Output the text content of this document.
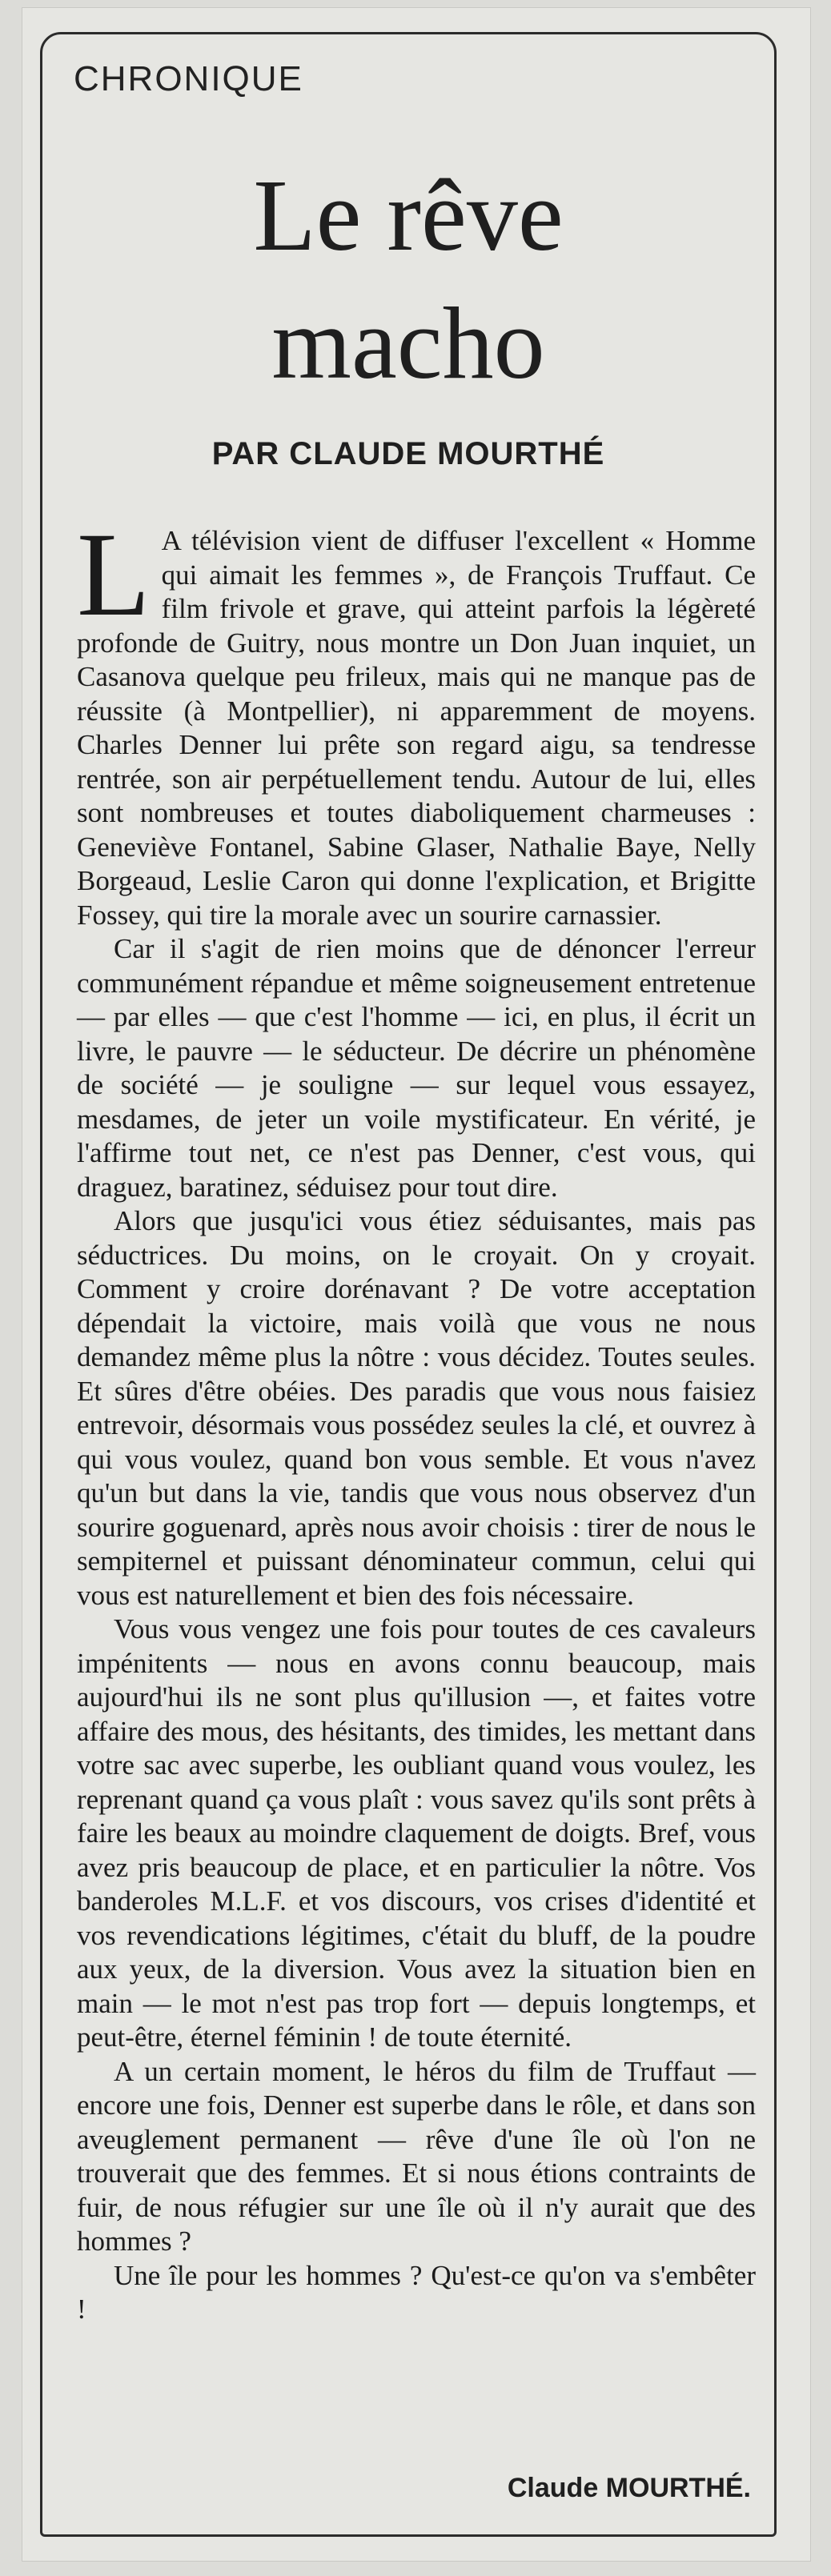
CHRONIQUE
Le rêve
macho
PAR CLAUDE MOURTHÉ

L A télévision vient de diffuser l'excellent « Homme qui aimait les femmes », de François Truffaut. Ce film frivole et grave, qui atteint parfois la légèreté profonde de Guitry, nous montre un Don Juan inquiet, un Casanova quelque peu frileux, mais qui ne manque pas de réussite (à Montpellier), ni apparemment de moyens. Charles Denner lui prête son regard aigu, sa tendresse rentrée, son air perpétuellement tendu. Autour de lui, elles sont nombreuses et toutes diaboliquement charmeuses : Geneviève Fontanel, Sabine Glaser, Nathalie Baye, Nelly Borgeaud, Leslie Caron qui donne l'explication, et Brigitte Fossey, qui tire la morale avec un sourire carnassier.

Car il s'agit de rien moins que de dénoncer l'erreur communément répandue et même soigneusement entretenue — par elles — que c'est l'homme — ici, en plus, il écrit un livre, le pauvre — le séducteur. De décrire un phénomène de société — je souligne — sur lequel vous essayez, mesdames, de jeter un voile mystificateur. En vérité, je l'affirme tout net, ce n'est pas Denner, c'est vous, qui draguez, baratinez, séduisez pour tout dire.

Alors que jusqu'ici vous étiez séduisantes, mais pas séductrices. Du moins, on le croyait. On y croyait. Comment y croire dorénavant ? De votre acceptation dépendait la victoire, mais voilà que vous ne nous demandez même plus la nôtre : vous décidez. Toutes seules. Et sûres d'être obéies. Des paradis que vous nous faisiez entrevoir, désormais vous possédez seules la clé, et ouvrez à qui vous voulez, quand bon vous semble. Et vous n'avez qu'un but dans la vie, tandis que vous nous observez d'un sourire goguenard, après nous avoir choisis : tirer de nous le sempiternel et puissant dénominateur commun, celui qui vous est naturellement et bien des fois nécessaire.

Vous vous vengez une fois pour toutes de ces cavaleurs impénitents — nous en avons connu beaucoup, mais aujourd'hui ils ne sont plus qu'illusion —, et faites votre affaire des mous, des hésitants, des timides, les mettant dans votre sac avec superbe, les oubliant quand vous voulez, les reprenant quand ça vous plaît : vous savez qu'ils sont prêts à faire les beaux au moindre claquement de doigts. Bref, vous avez pris beaucoup de place, et en particulier la nôtre. Vos banderoles M.L.F. et vos discours, vos crises d'identité et vos revendications légitimes, c'était du bluff, de la poudre aux yeux, de la diversion. Vous avez la situation bien en main — le mot n'est pas trop fort — depuis longtemps, et peut-être, éternel féminin ! de toute éternité.

A un certain moment, le héros du film de Truffaut — encore une fois, Denner est superbe dans le rôle, et dans son aveuglement permanent — rêve d'une île où l'on ne trouverait que des femmes. Et si nous étions contraints de fuir, de nous réfugier sur une île où il n'y aurait que des hommes ?

Une île pour les hommes ? Qu'est-ce qu'on va s'embêter !

Claude MOURTHÉ.
